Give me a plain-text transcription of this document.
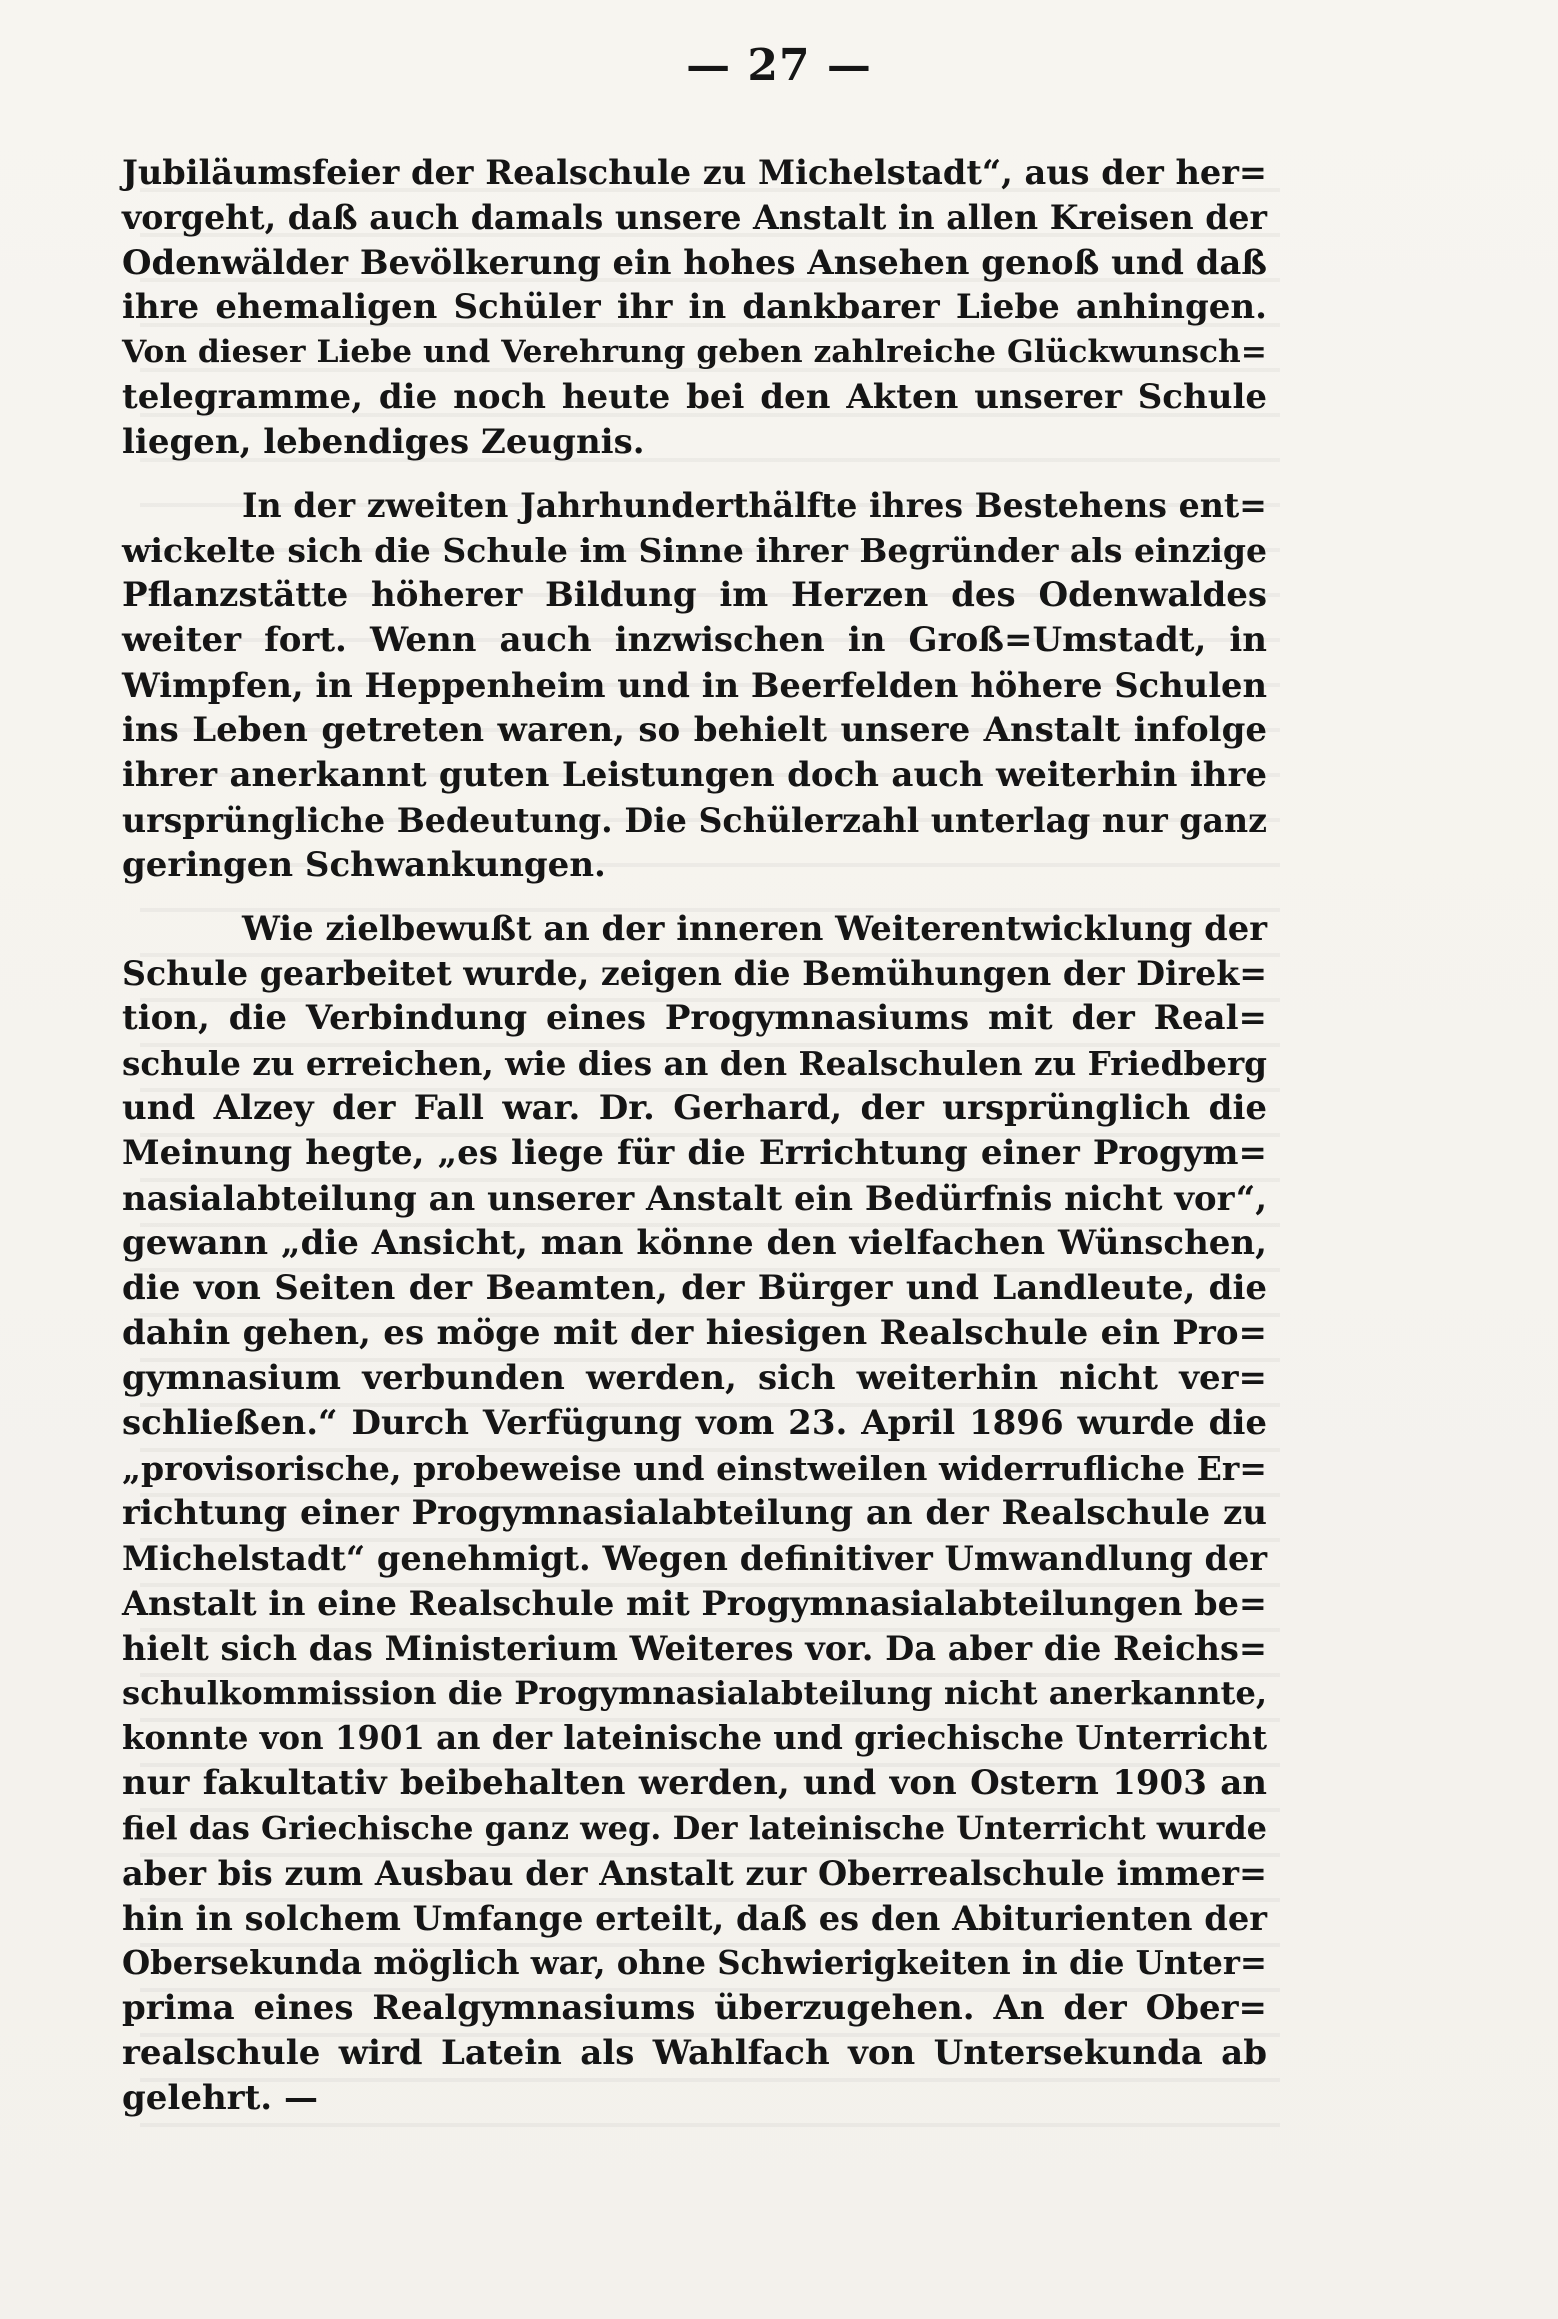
— 27 —

Jubiläumsfeier der Realschule zu Michelstadt“, aus der her=
vorgeht, daß auch damals unsere Anstalt in allen Kreisen der
Odenwälder Bevölkerung ein hohes Ansehen genoß und daß
ihre ehemaligen Schüler ihr in dankbarer Liebe anhingen.
Von dieser Liebe und Verehrung geben zahlreiche Glückwunsch=
telegramme, die noch heute bei den Akten unserer Schule
liegen, lebendiges Zeugnis.

In der zweiten Jahrhunderthälfte ihres Bestehens ent=
wickelte sich die Schule im Sinne ihrer Begründer als einzige
Pflanzstätte höherer Bildung im Herzen des Odenwaldes
weiter fort. Wenn auch inzwischen in Groß=Umstadt, in
Wimpfen, in Heppenheim und in Beerfelden höhere Schulen
ins Leben getreten waren, so behielt unsere Anstalt infolge
ihrer anerkannt guten Leistungen doch auch weiterhin ihre
ursprüngliche Bedeutung. Die Schülerzahl unterlag nur ganz
geringen Schwankungen.

Wie zielbewußt an der inneren Weiterentwicklung der
Schule gearbeitet wurde, zeigen die Bemühungen der Direk=
tion, die Verbindung eines Progymnasiums mit der Real=
schule zu erreichen, wie dies an den Realschulen zu Friedberg
und Alzey der Fall war. Dr. Gerhard, der ursprünglich die
Meinung hegte, „es liege für die Errichtung einer Progym=
nasialabteilung an unserer Anstalt ein Bedürfnis nicht vor“,
gewann „die Ansicht, man könne den vielfachen Wünschen,
die von Seiten der Beamten, der Bürger und Landleute, die
dahin gehen, es möge mit der hiesigen Realschule ein Pro=
gymnasium verbunden werden, sich weiterhin nicht ver=
schließen.“ Durch Verfügung vom 23. April 1896 wurde die
„provisorische, probeweise und einstweilen widerrufliche Er=
richtung einer Progymnasialabteilung an der Realschule zu
Michelstadt“ genehmigt. Wegen definitiver Umwandlung der
Anstalt in eine Realschule mit Progymnasialabteilungen be=
hielt sich das Ministerium Weiteres vor. Da aber die Reichs=
schulkommission die Progymnasialabteilung nicht anerkannte,
konnte von 1901 an der lateinische und griechische Unterricht
nur fakultativ beibehalten werden, und von Ostern 1903 an
fiel das Griechische ganz weg. Der lateinische Unterricht wurde
aber bis zum Ausbau der Anstalt zur Oberrealschule immer=
hin in solchem Umfange erteilt, daß es den Abiturienten der
Obersekunda möglich war, ohne Schwierigkeiten in die Unter=
prima eines Realgymnasiums überzugehen. An der Ober=
realschule wird Latein als Wahlfach von Untersekunda ab
gelehrt. —
